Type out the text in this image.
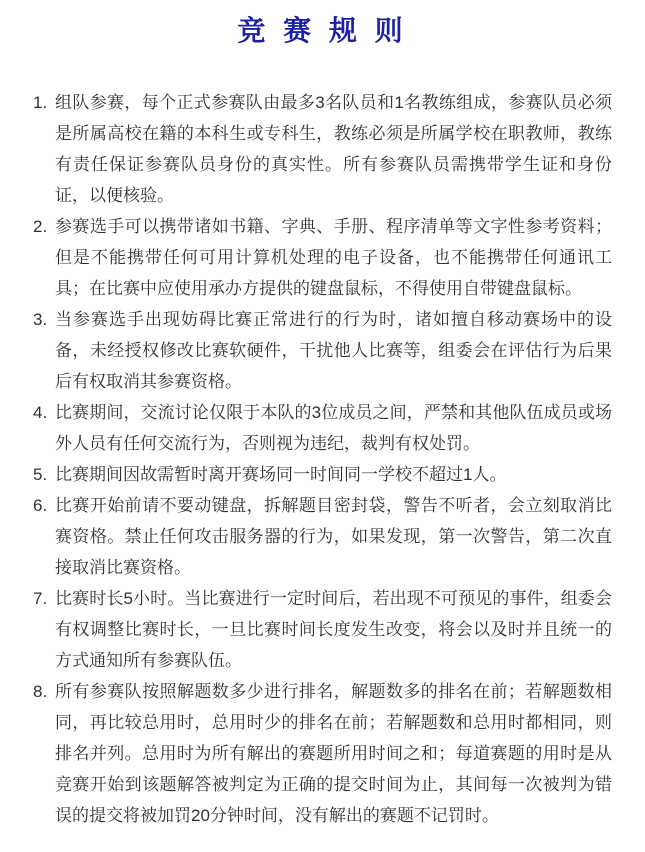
竞 赛 规 则
1. 组队参赛，每个正式参赛队由最多3名队员和1名教练组成，参赛队员必须是所属高校在籍的本科生或专科生，教练必须是所属学校在职教师，教练有责任保证参赛队员身份的真实性。所有参赛队员需携带学生证和身份证，以便核验。
2. 参赛选手可以携带诸如书籍、字典、手册、程序清单等文字性参考资料；但是不能携带任何可用计算机处理的电子设备，也不能携带任何通讯工具；在比赛中应使用承办方提供的键盘鼠标，不得使用自带键盘鼠标。
3. 当参赛选手出现妨碍比赛正常进行的行为时，诸如擅自移动赛场中的设备，未经授权修改比赛软硬件，干扰他人比赛等，组委会在评估行为后果后有权取消其参赛资格。
4. 比赛期间，交流讨论仅限于本队的3位成员之间，严禁和其他队伍成员或场外人员有任何交流行为，否则视为违纪，裁判有权处罚。
5. 比赛期间因故需暂时离开赛场同一时间同一学校不超过1人。
6. 比赛开始前请不要动键盘，拆解题目密封袋，警告不听者，会立刻取消比赛资格。禁止任何攻击服务器的行为，如果发现，第一次警告，第二次直接取消比赛资格。
7. 比赛时长5小时。当比赛进行一定时间后，若出现不可预见的事件，组委会有权调整比赛时长，一旦比赛时间长度发生改变，将会以及时并且统一的方式通知所有参赛队伍。
8. 所有参赛队按照解题数多少进行排名，解题数多的排名在前；若解题数相同，再比较总用时，总用时少的排名在前；若解题数和总用时都相同，则排名并列。总用时为所有解出的赛题所用时间之和；每道赛题的用时是从竞赛开始到该题解答被判定为正确的提交时间为止，其间每一次被判为错误的提交将被加罚20分钟时间，没有解出的赛题不记罚时。
